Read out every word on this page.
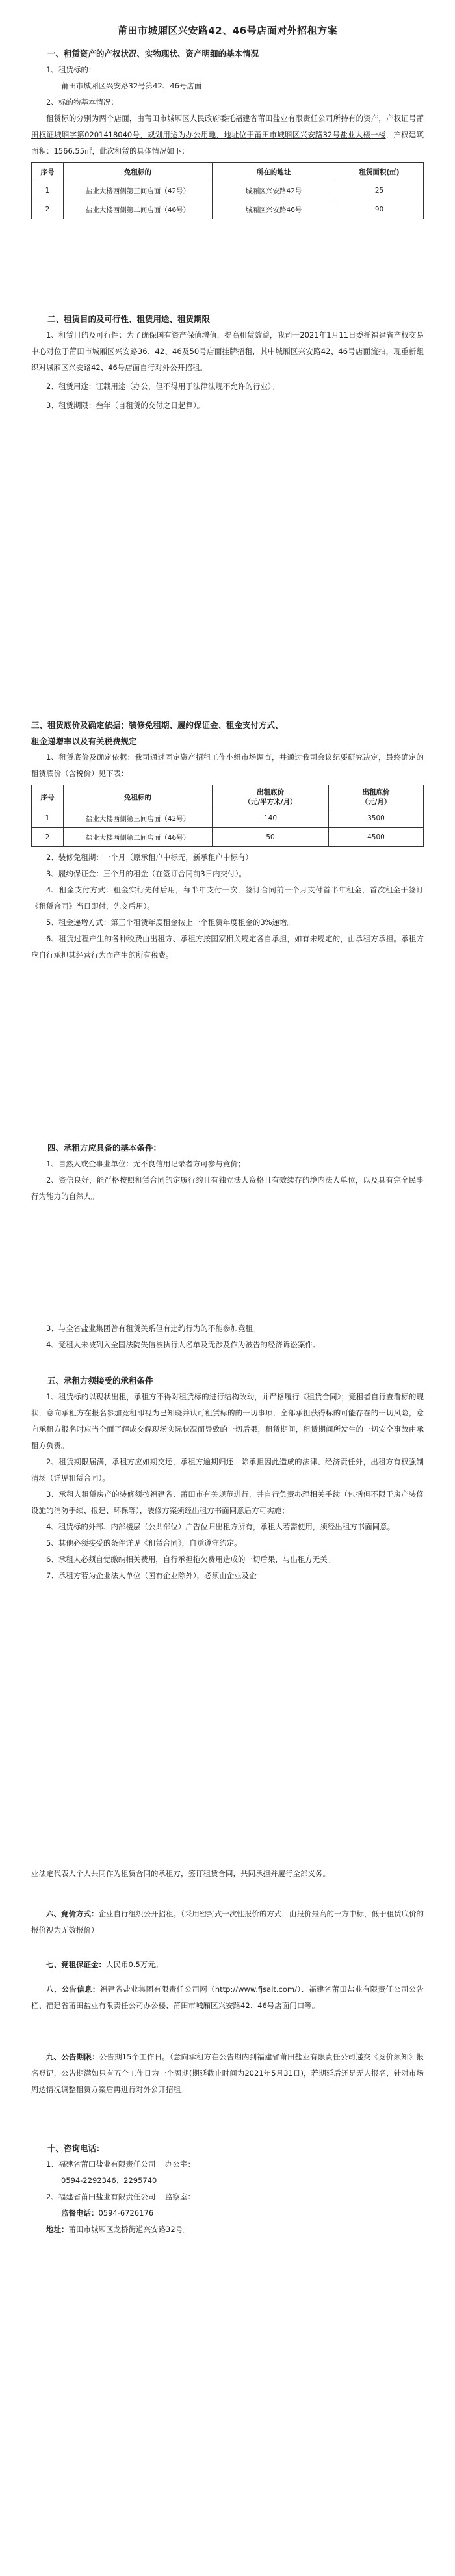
莆田市城厢区兴安路42、46号店面对外招租方案
一、租赁资产的产权状况、实物现状、资产明细的基本情况

1、租赁标的：

莆田市城厢区兴安路32号第42、46号店面

2、标的物基本情况：

租赁标的分别为两个店面，由莆田市城厢区人民政府委托福建省莆田盐业有限责任公司所持有的资产，产权证号莆田权证城厢字第0201418040号，规划用途为办公用地，地址位于莆田市城厢区兴安路32号盐业大楼一楼，产权建筑面积：1566.55㎡，此次租赁的具体情况如下：

序号	免租标的	所在的地址	租赁面积(㎡)
1	盐业大楼西侧第三间店面（42号）	城厢区兴安路42号	25
2	盐业大楼西侧第二间店面（46号）	城厢区兴安路46号	90
二、租赁目的及可行性、租赁用途、租赁期限

1、租赁目的及可行性：为了确保国有资产保值增值，提高租赁效益，我司于2021年1月11日委托福建省产权交易中心对位于莆田市城厢区兴安路36、42、46及50号店面挂牌招租，其中城厢区兴安路42、46号店面流拍，现重新组织对城厢区兴安路42、46号店面自行对外公开招租。

2、租赁用途：证载用途（办公，但不得用于法律法规不允许的行业）。

3、租赁期限：叁年（自租赁的交付之日起算）。

三、租赁底价及确定依据；装修免租期、履约保证金、租金支付方式、
租金递增率以及有关税费规定

1、租赁底价及确定依据：我司通过固定资产招租工作小组市场调查，并通过我司会议纪要研究决定，最终确定的租赁底价（含税价）见下表：

序号	免租标的	出租底价
（元/平方米/月）	出租底价
（元/月）
1	盐业大楼西侧第三间店面（42号）	140	3500
2	盐业大楼西侧第二间店面（46号）	50	4500

2、装修免租期：一个月（原承租户中标无，新承租户中标有）

3、履约保证金：三个月的租金（在签订合同前3日内交付）。

4、租金支付方式：租金实行先付后用，每半年支付一次，签订合同前一个月支付首半年租金，首次租金于签订《租赁合同》当日即付，先交后用）。

5、租金递增方式：第三个租赁年度租金按上一个租赁年度租金的3%递增。

6、租赁过程产生的各种税费由出租方、承租方按国家相关规定各自承担，如有未规定的，由承租方承担。承租方应自行承担其经营行为而产生的所有税费。

四、承租方应具备的基本条件：

1、自然人或企事业单位：无不良信用记录者方可参与竞价；

2、资信良好，能严格按照租赁合同的定履行约且有独立法人资格且有效续存的境内法人单位，以及具有完全民事行为能力的自然人。

3、与全省盐业集团曾有租赁关系但有违约行为的不能参加竞租。

4、竞租人未被列入全国法院失信被执行人名单及无涉及作为被告的经济诉讼案件。

五、承租方须接受的承租条件

1、租赁标的以现状出租，承租方不得对租赁标的进行结构改动，并严格履行《租赁合同》；竞租者自行查看标的现状，意向承租方在报名参加竞租即视为已知晓并认可租赁标的的一切事项，全部承担获得标的可能存在的一切风险，意向承租方报名时应当全面了解成交解现场实际状况而导致的一切后果，租赁期间，租赁期间所发生的一切安全事故由承租方负责。

2、租赁期限届满，承租方应如期交还，承租方逾期归还，除承担因此造成的法律、经济责任外，出租方有权强制清场（详见租赁合同）。

3、承租人租赁房产的装修须按福建省、莆田市有关规范进行，并自行负责办理相关手续（包括但不限于房产装修设施的消防手续、报建、环保等），装修方案须经出租方书面同意后方可实施；

4、租赁标的外部、内部楼层（公共部位）广告位归出租方所有，承租人若需使用，须经出租方书面同意。

5、其他必须接受的条件详见《租赁合同》，自觉遵守约定。

6、承租人必须自觉缴纳相关费用，自行承担拖欠费用造成的一切后果，与出租方无关。

7、承租方若为企业法人单位（国有企业除外），必须由企业及企

业法定代表人个人共同作为租赁合同的承租方，签订租赁合同，共同承担并履行全部义务。

六、竞价方式：企业自行组织公开招租。（采用密封式一次性报价的方式，由报价最高的一方中标，低于租赁底价的报价视为无效报价）

七、竞租保证金：人民币0.5万元。

八、公告信息：福建省盐业集团有限责任公司网（http://www.fjsalt.com/）、福建省莆田盐业有限责任公司公告栏、福建省莆田盐业有限责任公司办公楼、莆田市城厢区兴安路42、46号店面门口等。

九、公告期限：公告期15个工作日。（意向承租方在公告期内到福建省莆田盐业有限责任公司递交《竞价须知》报名登记，公告期满如只有五个工作日为一个周期(期延截止时间为2021年5月31日)，若期延后还是无人报名，针对市场周边情况调整租赁方案后再进行对外公开招租。

十、咨询电话：

1、福建省莆田盐业有限责任公司 办公室：

0594-2292346、2295740

2、福建省莆田盐业有限责任公司 监察室：

监督电话：0594-6726176

地址：莆田市城厢区龙桥街道兴安路32号。
